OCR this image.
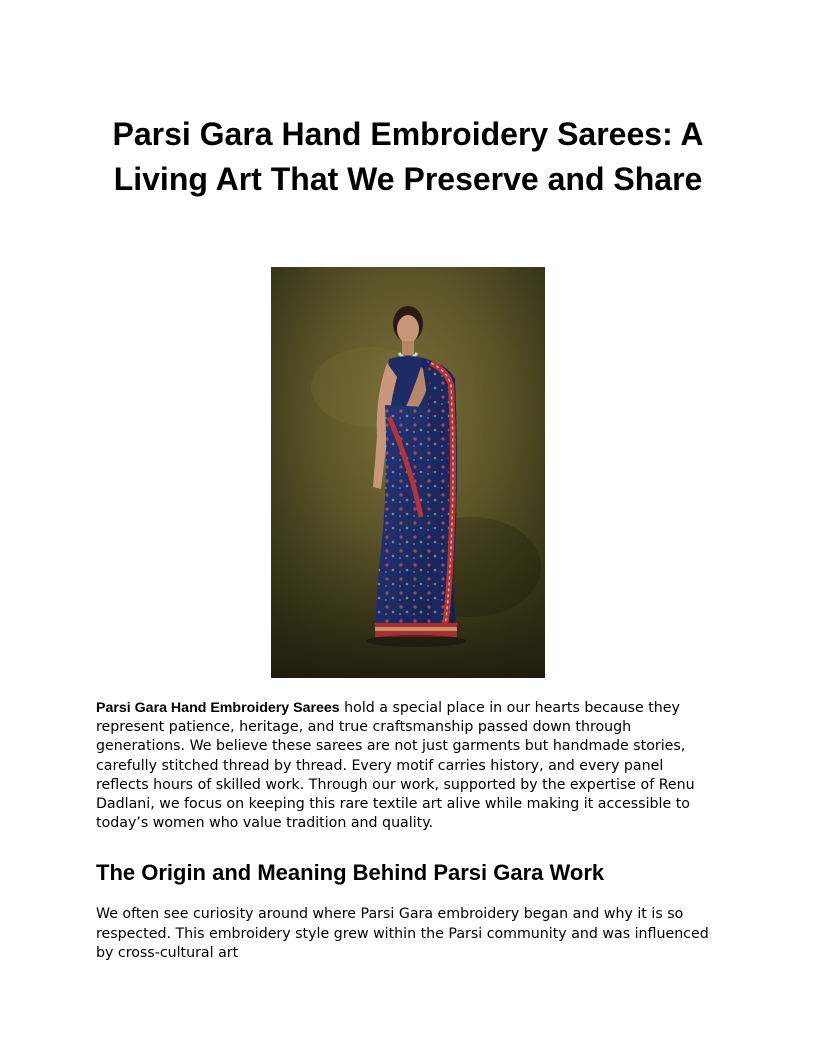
Parsi Gara Hand Embroidery Sarees: A Living Art That We Preserve and Share

Parsi Gara Hand Embroidery Sarees hold a special place in our hearts because they represent patience, heritage, and true craftsmanship passed down through generations. We believe these sarees are not just garments but handmade stories, carefully stitched thread by thread. Every motif carries history, and every panel reflects hours of skilled work. Through our work, supported by the expertise of Renu Dadlani, we focus on keeping this rare textile art alive while making it accessible to today’s women who value tradition and quality.

The Origin and Meaning Behind Parsi Gara Work

We often see curiosity around where Parsi Gara embroidery began and why it is so respected. This embroidery style grew within the Parsi community and was influenced by cross-cultural art
